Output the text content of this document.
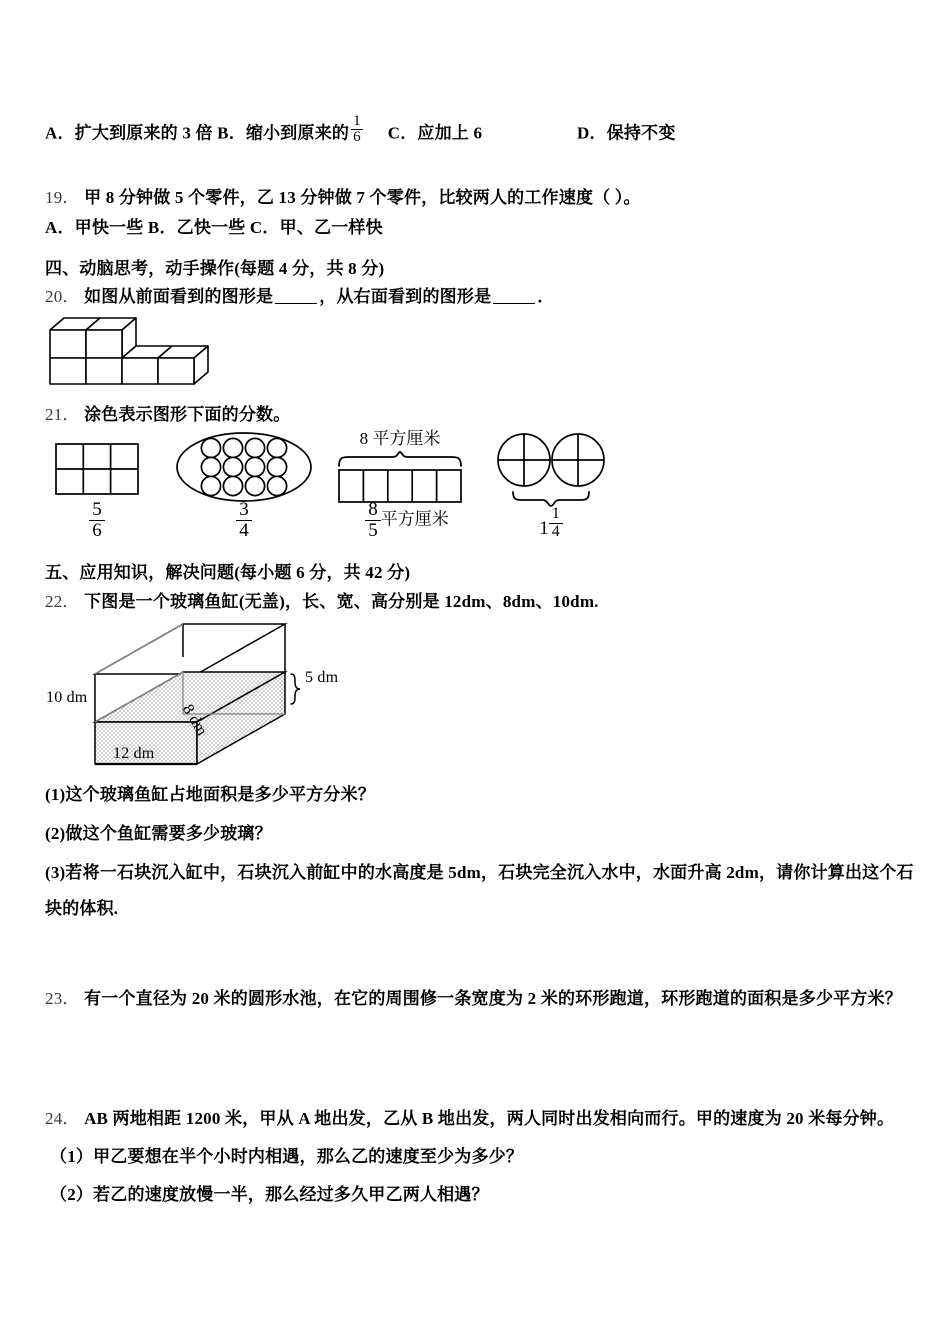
A．扩大到原来的 3 倍 B．缩小到原来的 $\frac{1}{6}$ C．应加上 6	D．保持不变
19． 甲 8 分钟做 5 个零件，乙 13 分钟做 7 个零件，比较两人的工作速度（ ）。
A．甲快一些 B．乙快一些 C．甲、乙一样快
四、动脑思考，动手操作(每题 4 分，共 8 分)
20． 如图从前面看到的图形是	，从右面看到的图形是	．
21． 涂色表示图形下面的分数。
$\frac{5}{6}$	$\frac{3}{4}$
8 平方厘米
$\frac{8}{5}$ 平方厘米	$1 \frac{1}{4}$
五、应用知识，解决问题(每小题 6 分，共 42 分)
22． 下图是一个玻璃鱼缸(无盖)，长、宽、高分别是 12dm、8dm、10dm.
10 dm
5 dm
12 dm
8 dm
(1)这个玻璃鱼缸占地面积是多少平方分米？
(2)做这个鱼缸需要多少玻璃？
(3)若将一石块沉入缸中，石块沉入前缸中的水高度是 5dm，石块完全沉入水中，水面升高 2dm，请你计算出这个石
块的体积.
23． 有一个直径为 20 米的圆形水池，在它的周围修一条宽度为 2 米的环形跑道，环形跑道的面积是多少平方米？
24． AB 两地相距 1200 米，甲从 A 地出发，乙从 B 地出发，两人同时出发相向而行。甲的速度为 20 米每分钟。
（1）甲乙要想在半个小时内相遇，那么乙的速度至少为多少？
（2）若乙的速度放慢一半，那么经过多久甲乙两人相遇？
